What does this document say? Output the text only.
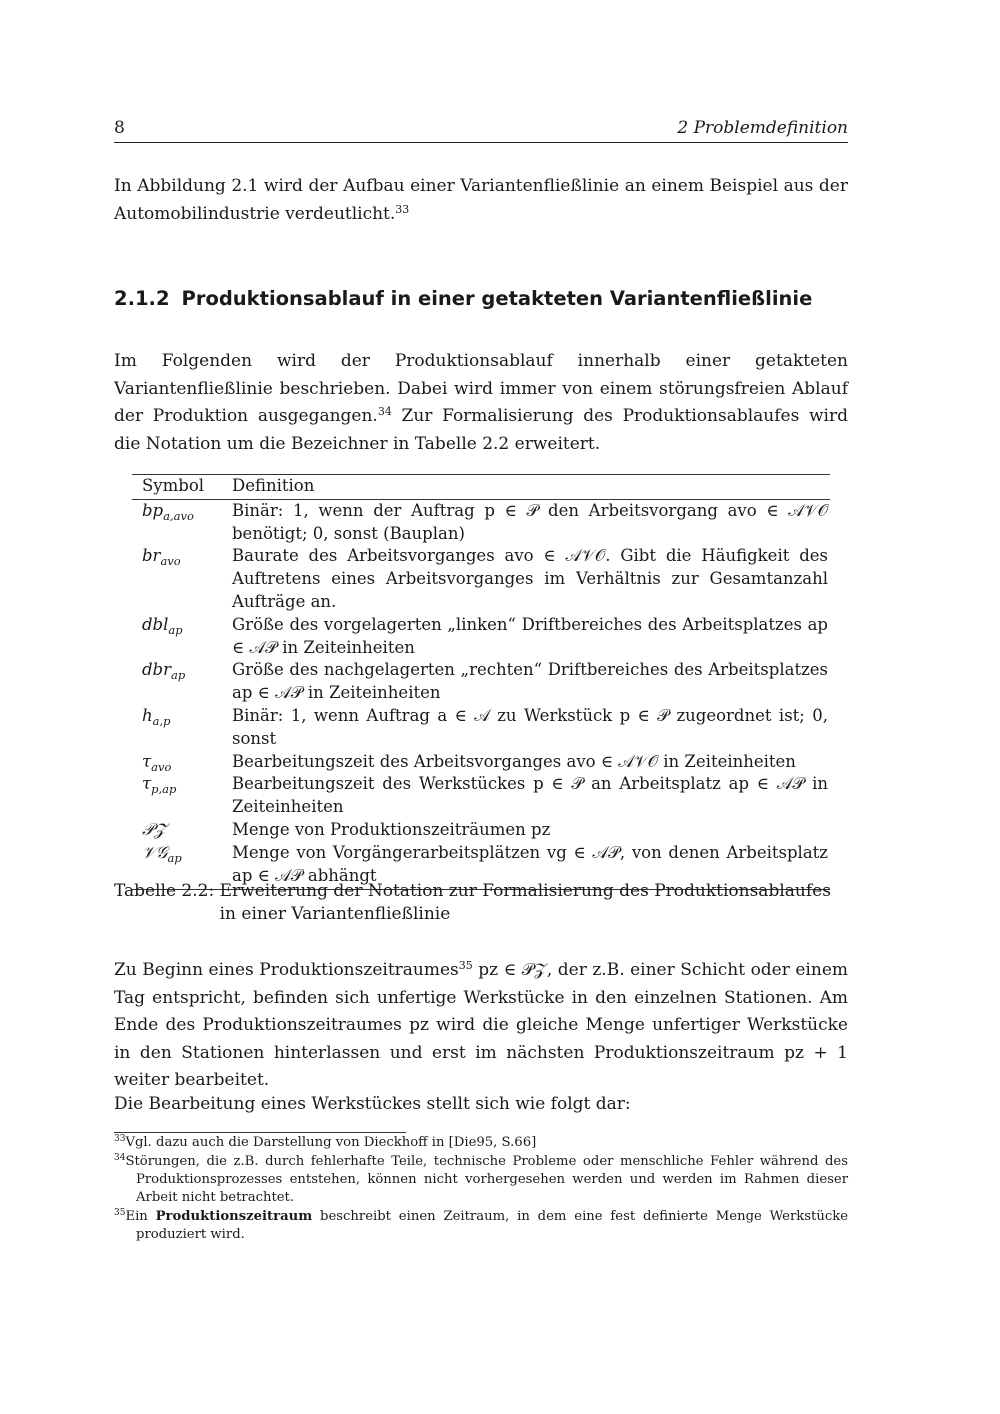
8	2 Problemdefinition
In Abbildung 2.1 wird der Aufbau einer Variantenfließlinie an einem Beispiel aus der Automobilindustrie verdeutlicht.$^{33}$
2.1.2 Produktionsablauf in einer getakteten Variantenfließlinie
Im Folgenden wird der Produktionsablauf innerhalb einer getakteten Variantenfließlinie beschrieben. Dabei wird immer von einem störungsfreien Ablauf der Produktion ausgegangen.$^{34}$ Zur Formalisierung des Produktionsablaufes wird die Notation um die Bezeichner in Tabelle 2.2 erweitert.
Symbol	Definition
$bp_{a,avo}$	Binär: 1, wenn der Auftrag p ∈ 𝒫 den Arbeitsvorgang avo ∈ 𝒜𝒱𝒪 benötigt; 0, sonst (Bauplan)
$br_{avo}$	Baurate des Arbeitsvorganges avo ∈ 𝒜𝒱𝒪. Gibt die Häufigkeit des Auftretens eines Arbeitsvorganges im Verhältnis zur Gesamtanzahl Aufträge an.
dbl$_{ap}$	Größe des vorgelagerten „linken“ Driftbereiches des Arbeitsplatzes ap ∈ 𝒜𝒫 in Zeiteinheiten
dbr$_{ap}$	Größe des nachgelagerten „rechten“ Driftbereiches des Arbeitsplatzes ap ∈ 𝒜𝒫 in Zeiteinheiten
$h_{a,p}$	Binär: 1, wenn Auftrag a ∈ 𝒜 zu Werkstück p ∈ 𝒫 zugeordnet ist; 0, sonst
$\tau_{avo}$	Bearbeitungszeit des Arbeitsvorganges avo ∈ 𝒜𝒱𝒪 in Zeiteinheiten
$\tau_{p,ap}$	Bearbeitungszeit des Werkstückes p ∈ 𝒫 an Arbeitsplatz ap ∈ 𝒜𝒫 in Zeiteinheiten
𝒫𝒵	Menge von Produktionszeiträumen pz
𝒱𝒢$_{ap}$	Menge von Vorgängerarbeitsplätzen vg ∈ 𝒜𝒫, von denen Arbeitsplatz ap ∈ 𝒜𝒫 abhängt
Tabelle 2.2: Erweiterung der Notation zur Formalisierung des Produktionsablaufes in einer Variantenfließlinie
Zu Beginn eines Produktionszeitraumes$^{35}$ pz ∈ 𝒫𝒵, der z.B. einer Schicht oder einem Tag entspricht, befinden sich unfertige Werkstücke in den einzelnen Stationen. Am Ende des Produktionszeitraumes pz wird die gleiche Menge unfertiger Werkstücke in den Stationen hinterlassen und erst im nächsten Produktionszeitraum pz + 1 weiter bearbeitet.
Die Bearbeitung eines Werkstückes stellt sich wie folgt dar:
$^{33}$Vgl. dazu auch die Darstellung von Dieckhoff in [Die95, S.66]
$^{34}$Störungen, die z.B. durch fehlerhafte Teile, technische Probleme oder menschliche Fehler während des Produktionsprozesses entstehen, können nicht vorhergesehen werden und werden im Rahmen dieser Arbeit nicht betrachtet.
$^{35}$Ein Produktionszeitraum beschreibt einen Zeitraum, in dem eine fest definierte Menge Werkstücke produziert wird.
